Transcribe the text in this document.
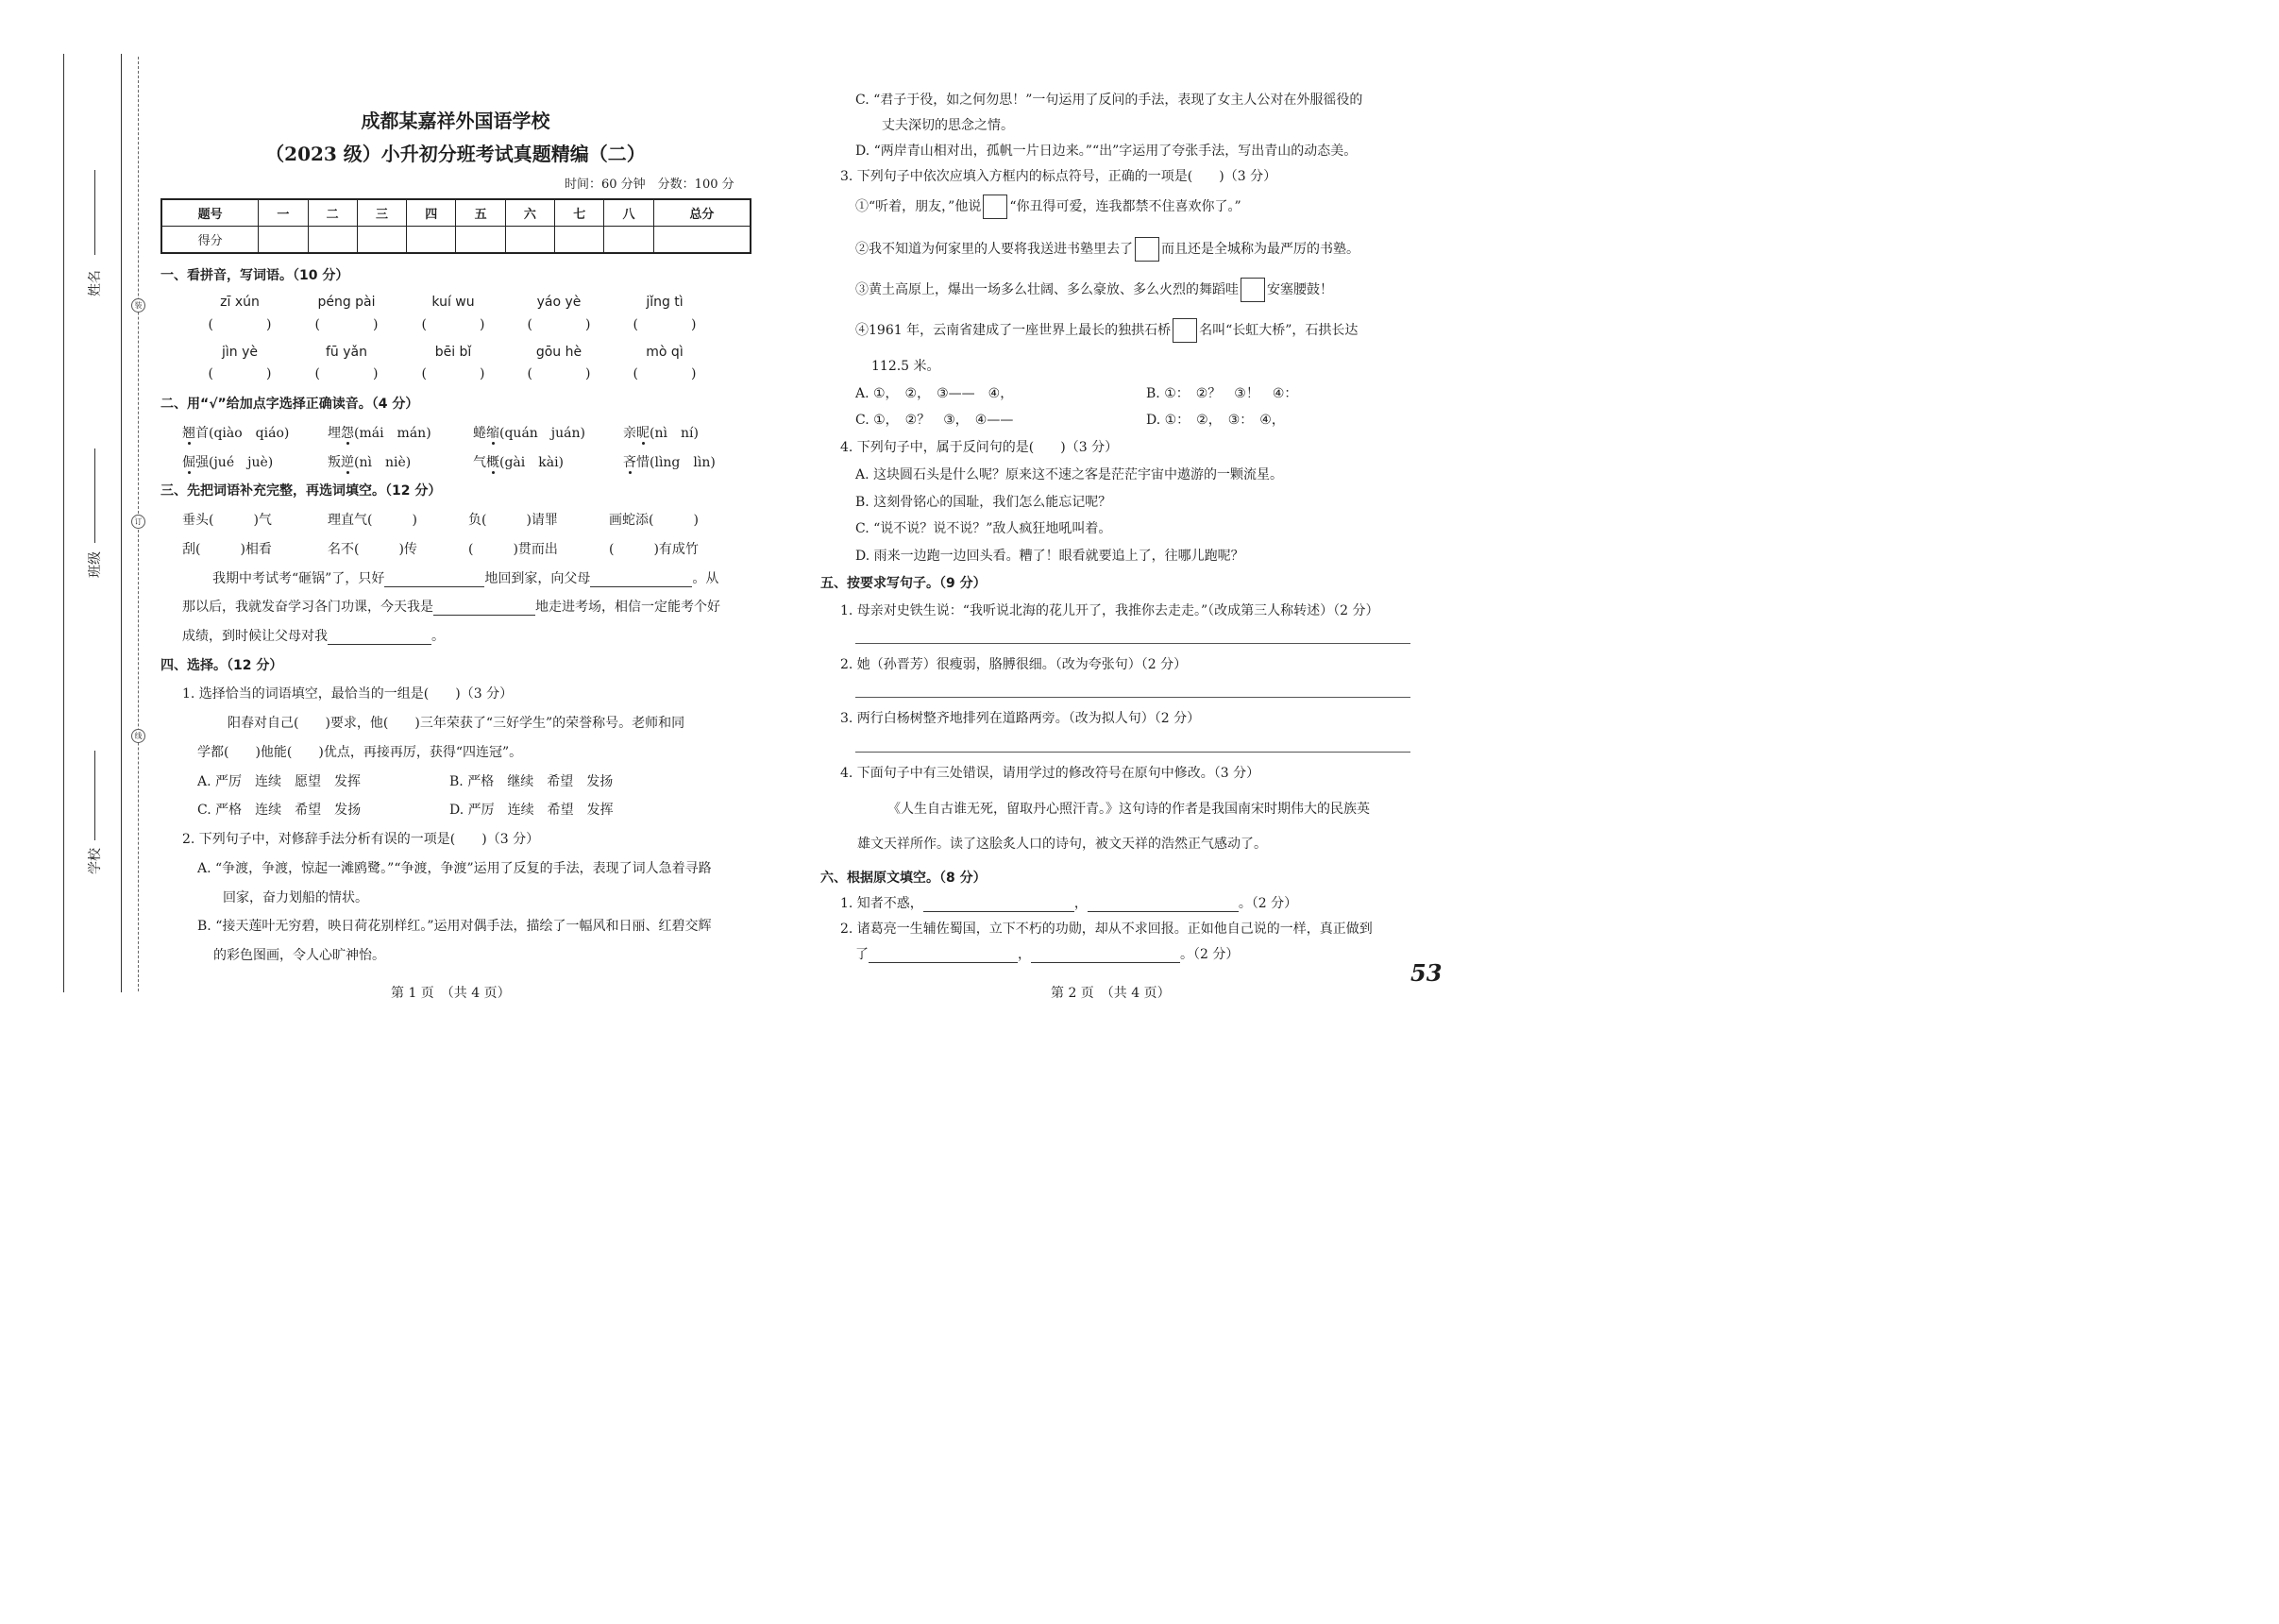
姓名
班级
学校
装
订
线
成都某嘉祥外国语学校
（2023 级）小升初分班考试真题精编（二）
时间：60 分钟　分数：100 分
题号	一	二	三	四	五	六	七	八	总分
得分									
一、看拼音，写词语。（10 分）
zī xún	péng pài	kuí wu	yáo yè	jǐng tì
(　　　　)	(　　　　)	(　　　　)	(　　　　)	(　　　　)
jìn yè	fū yǎn	bēi bǐ	gōu hè	mò qì
(　　　　)	(　　　　)	(　　　　)	(　　　　)	(　　　　)
二、用“√”给加点字选择正确读音。（4 分）
翘首(qiào　qiáo)	埋怨(mái　mán)	蜷缩(quán　juán)	亲昵(nì　ní)
倔强(jué　juè)	叛逆(nì　niè)	气概(gài　kài)	吝惜(lìng　lìn)
三、先把词语补充完整，再选词填空。（12 分）
垂头(　　　)气	理直气(　　　)	负(　　　)请罪	画蛇添(　　　)
刮(　　　)相看	名不(　　　)传	(　　　)贯而出	(　　　)有成竹
我期中考试考“砸锅”了，只好	地回到家，向父母	。从
那以后，我就发奋学习各门功课，今天我是	地走进考场，相信一定能考个好
成绩，到时候让父母对我	。
四、选择。（12 分）
1. 选择恰当的词语填空，最恰当的一组是(　　)（3 分）
阳春对自己(　　)要求，他(　　)三年荣获了“三好学生”的荣誉称号。老师和同
学都(　　)他能(　　)优点，再接再厉，获得“四连冠”。
A. 严厉　连续　愿望　发挥	B. 严格　继续　希望　发扬
C. 严格　连续　希望　发扬	D. 严厉　连续　希望　发挥
2. 下列句子中，对修辞手法分析有误的一项是(　　)（3 分）
A. “争渡，争渡，惊起一滩鸥鹭。”“争渡，争渡”运用了反复的手法，表现了词人急着寻路
回家，奋力划船的情状。
B. “接天莲叶无穷碧，映日荷花别样红。”运用对偶手法，描绘了一幅风和日丽、红碧交辉
的彩色图画，令人心旷神怡。
第 1 页　（共 4 页）
C. “君子于役，如之何勿思！”一句运用了反问的手法，表现了女主人公对在外服徭役的
丈夫深切的思念之情。
D. “两岸青山相对出，孤帆一片日边来。”“出”字运用了夸张手法，写出青山的动态美。
3. 下列句子中依次应填入方框内的标点符号，正确的一项是(　　)（3 分）
①“听着，朋友，”他说 “你丑得可爱，连我都禁不住喜欢你了。”
②我不知道为何家里的人要将我送进书塾里去了 而且还是全城称为最严厉的书塾。
③黄土高原上，爆出一场多么壮阔、多么豪放、多么火烈的舞蹈哇 安塞腰鼓！
④1961 年，云南省建成了一座世界上最长的独拱石桥 名叫“长虹大桥”，石拱长达
112.5 米。
A. ①，　②，　③——　④，	B. ①：　②？　③！　④：
C. ①，　②？　③，　④——	D. ①：　②，　③：　④，
4. 下列句子中，属于反问句的是(　　)（3 分）
A. 这块圆石头是什么呢？原来这不速之客是茫茫宇宙中遨游的一颗流星。
B. 这刻骨铭心的国耻，我们怎么能忘记呢？
C. “说不说？说不说？”敌人疯狂地吼叫着。
D. 雨来一边跑一边回头看。糟了！眼看就要追上了，往哪儿跑呢？
五、按要求写句子。（9 分）
1. 母亲对史铁生说：“我听说北海的花儿开了，我推你去走走。”（改成第三人称转述）（2 分）
2. 她（孙晋芳）很瘦弱，胳膊很细。（改为夸张句）（2 分）
3. 两行白杨树整齐地排列在道路两旁。（改为拟人句）（2 分）
4. 下面句子中有三处错误，请用学过的修改符号在原句中修改。（3 分）
《人生自古谁无死，留取丹心照汗青。》这句诗的作者是我国南宋时期伟大的民族英
雄文天祥所作。读了这脍炙人口的诗句，被文天祥的浩然正气感动了。
六、根据原文填空。（8 分）
1. 知者不惑，	，	。（2 分）
2. 诸葛亮一生辅佐蜀国，立下不朽的功勋，却从不求回报。正如他自己说的一样，真正做到
了	，	。（2 分）
53
第 2 页　（共 4 页）
